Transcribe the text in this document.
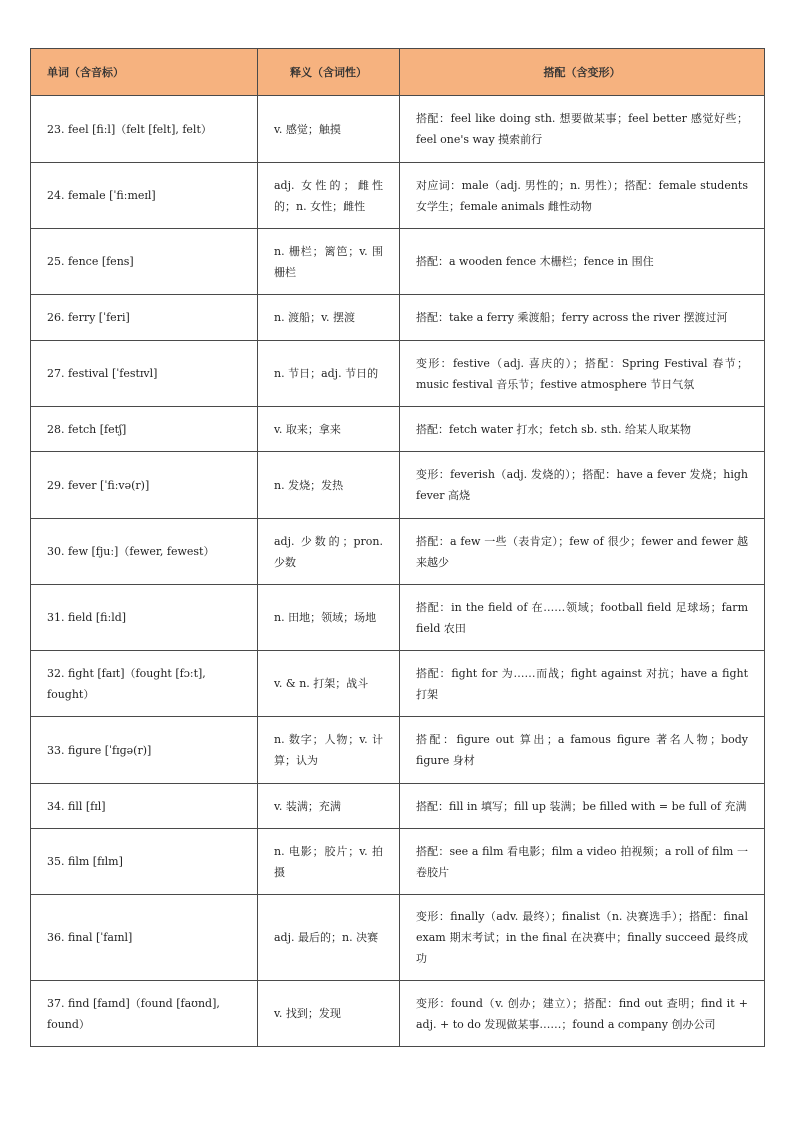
单词（含音标）	释义（含词性）	搭配（含变形）
23. feel [fiːl]（felt [felt], felt）	v. 感觉；触摸	搭配：feel like doing sth. 想要做某事；feel better 感觉好些；feel one's way 摸索前行
24. female [ˈfiːmeɪl]	adj. 女性的；雌性的；n. 女性；雌性	对应词：male（adj. 男性的；n. 男性）；搭配：female students 女学生；female animals 雌性动物
25. fence [fens]	n. 栅栏；篱笆；v. 围栅栏	搭配：a wooden fence 木栅栏；fence in 围住
26. ferry [ˈferi]	n. 渡船；v. 摆渡	搭配：take a ferry 乘渡船；ferry across the river 摆渡过河
27. festival [ˈfestɪvl]	n. 节日；adj. 节日的	变形：festive（adj. 喜庆的）；搭配：Spring Festival 春节；music festival 音乐节；festive atmosphere 节日气氛
28. fetch [fetʃ]	v. 取来；拿来	搭配：fetch water 打水；fetch sb. sth. 给某人取某物
29. fever [ˈfiːvə(r)]	n. 发烧；发热	变形：feverish（adj. 发烧的）；搭配：have a fever 发烧；high fever 高烧
30. few [fjuː]（fewer, fewest）	adj. 少数的；pron. 少数	搭配：a few 一些（表肯定）；few of 很少；fewer and fewer 越来越少
31. field [fiːld]	n. 田地；领域；场地	搭配：in the field of 在……领域；football field 足球场；farm field 农田
32. fight [faɪt]（fought [fɔːt], fought）	v. & n. 打架；战斗	搭配：fight for 为……而战；fight against 对抗；have a fight 打架
33. figure [ˈfɪɡə(r)]	n. 数字；人物；v. 计算；认为	搭配：figure out 算出；a famous figure 著名人物；body figure 身材
34. fill [fɪl]	v. 装满；充满	搭配：fill in 填写；fill up 装满；be filled with = be full of 充满
35. film [fɪlm]	n. 电影；胶片；v. 拍摄	搭配：see a film 看电影；film a video 拍视频；a roll of film 一卷胶片
36. final [ˈfaɪnl]	adj. 最后的；n. 决赛	变形：finally（adv. 最终）；finalist（n. 决赛选手）；搭配：final exam 期末考试；in the final 在决赛中；finally succeed 最终成功
37. find [faɪnd]（found [faʊnd], found）	v. 找到；发现	变形：found（v. 创办；建立）；搭配：find out 查明；find it + adj. + to do 发现做某事……；found a company 创办公司
